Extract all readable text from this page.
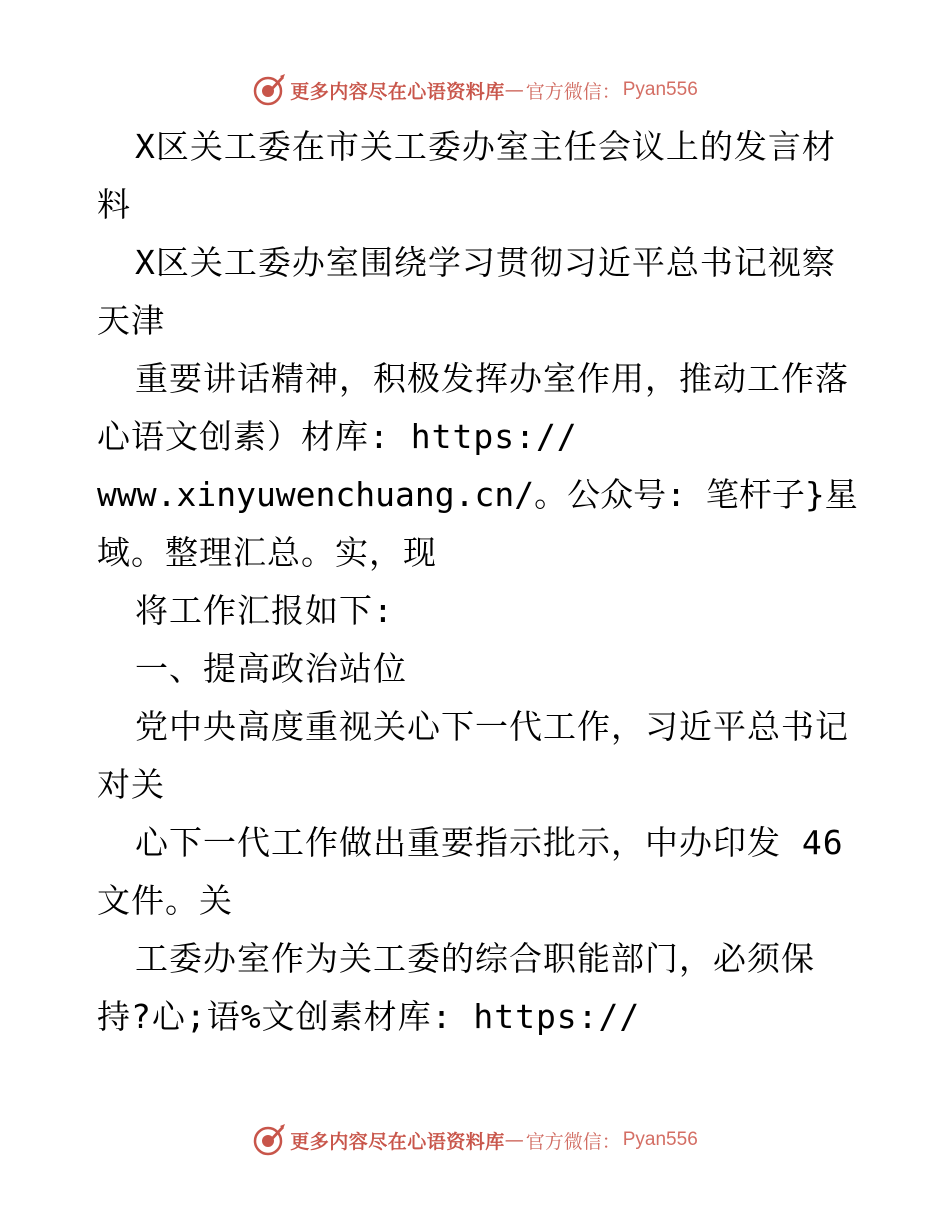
更多内容尽在心语资料库 — 官方微信： Pyan556
X区关工委在市关工委办室主任会议上的发言材
料
X区关工委办室围绕学习贯彻习近平总书记视察
天津
重要讲话精神，积极发挥办室作用，推动工作落
心语文创素）材库: https://
www.xinyuwenchuang.cn/。公众号: 笔杆子}星
域。整理汇总。实，现
将工作汇报如下:
一、提高政治站位
党中央高度重视关心下一代工作，习近平总书记
对关
心下一代工作做出重要指示批示，中办印发 46
文件。关
工委办室作为关工委的综合职能部门，必须保
持?心;语%文创素材库: https://
更多内容尽在心语资料库 — 官方微信： Pyan556
